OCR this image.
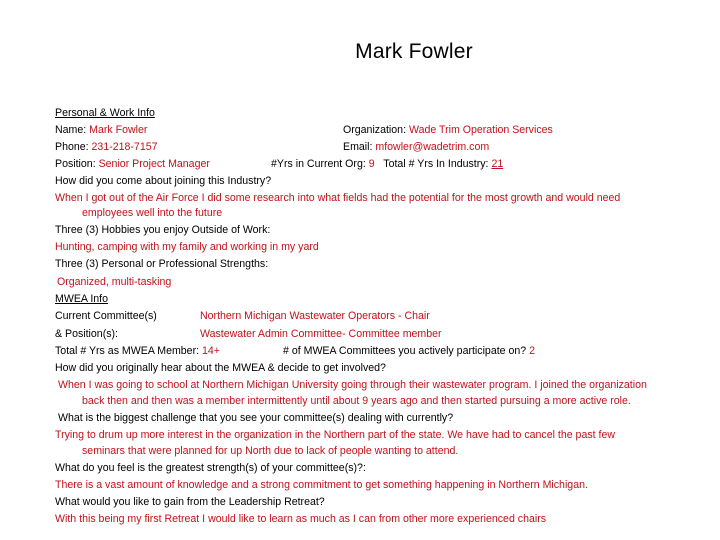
Mark Fowler
Personal & Work Info
Name: Mark Fowler	Organization: Wade Trim Operation Services
Phone: 231-218-7157	Email: mfowler@wadetrim.com
Position: Senior Project Manager	#Yrs in Current Org: 9 Total # Yrs In Industry: 21
How did you come about joining this Industry?
When I got out of the Air Force I did some research into what fields had the potential for the most growth and would need
employees well into the future
Three (3) Hobbies you enjoy Outside of Work:
Hunting, camping with my family and working in my yard
Three (3) Personal or Professional Strengths:
Organized, multi-tasking
MWEA Info
Current Committee(s)	Northern Michigan Wastewater Operators - Chair
& Position(s):	Wastewater Admin Committee- Committee member
Total # Yrs as MWEA Member: 14+	# of MWEA Committees you actively participate on? 2
How did you originally hear about the MWEA & decide to get involved?
When I was going to school at Northern Michigan University going through their wastewater program. I joined the organization
back then and then was a member intermittently until about 9 years ago and then started pursuing a more active role.
What is the biggest challenge that you see your committee(s) dealing with currently?
Trying to drum up more interest in the organization in the Northern part of the state. We have had to cancel the past few
seminars that were planned for up North due to lack of people wanting to attend.
What do you feel is the greatest strength(s) of your committee(s)?:
There is a vast amount of knowledge and a strong commitment to get something happening in Northern Michigan.
What would you like to gain from the Leadership Retreat?
With this being my first Retreat I would like to learn as much as I can from other more experienced chairs
